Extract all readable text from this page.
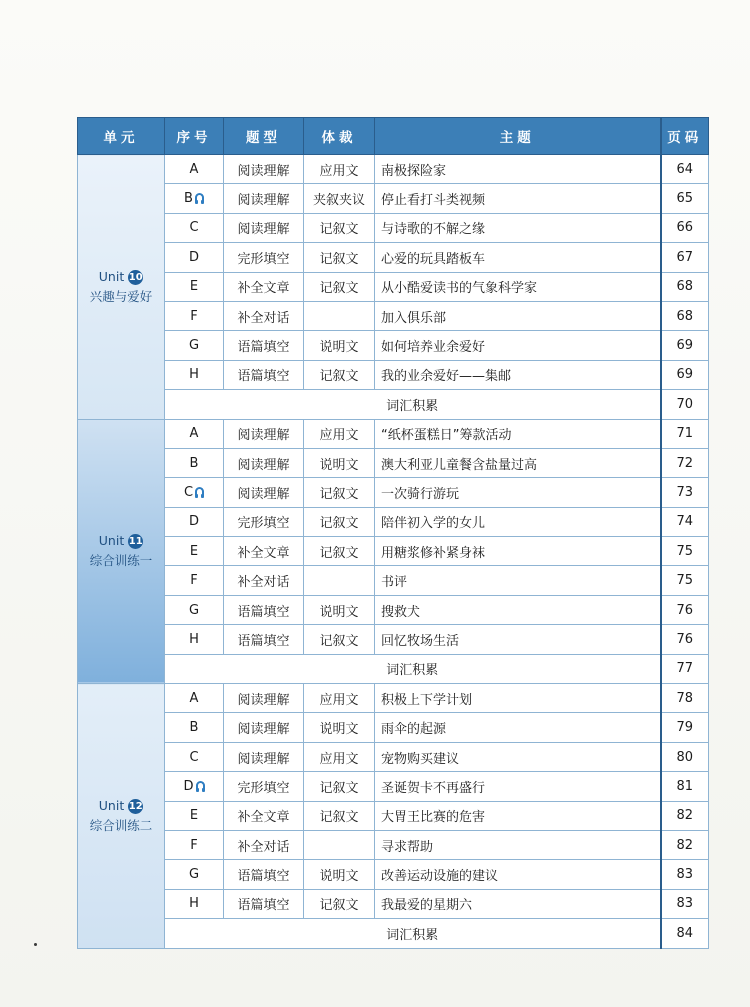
单元	序号	题型	体裁	主题	页码

Unit 10
兴趣与爱好	A	阅读理解	应用文	南极探险家	64
	B	阅读理解	夹叙夹议	停止看打斗类视频	65
	C	阅读理解	记叙文	与诗歌的不解之缘	66
	D	完形填空	记叙文	心爱的玩具踏板车	67
	E	补全文章	记叙文	从小酷爱读书的气象科学家	68
	F	补全对话		加入俱乐部	68
	G	语篇填空	说明文	如何培养业余爱好	69
	H	语篇填空	记叙文	我的业余爱好——集邮	69
	词汇积累				70

Unit 11
综合训练一	A	阅读理解	应用文	“纸杯蛋糕日”筹款活动	71
	B	阅读理解	说明文	澳大利亚儿童餐含盐量过高	72
	C	阅读理解	记叙文	一次骑行游玩	73
	D	完形填空	记叙文	陪伴初入学的女儿	74
	E	补全文章	记叙文	用糖浆修补紧身袜	75
	F	补全对话		书评	75
	G	语篇填空	说明文	搜救犬	76
	H	语篇填空	记叙文	回忆牧场生活	76
	词汇积累				77

Unit 12
综合训练二	A	阅读理解	应用文	积极上下学计划	78
	B	阅读理解	说明文	雨伞的起源	79
	C	阅读理解	应用文	宠物购买建议	80
	D	完形填空	记叙文	圣诞贺卡不再盛行	81
	E	补全文章	记叙文	大胃王比赛的危害	82
	F	补全对话		寻求帮助	82
	G	语篇填空	说明文	改善运动设施的建议	83
	H	语篇填空	记叙文	我最爱的星期六	83
	词汇积累				84
